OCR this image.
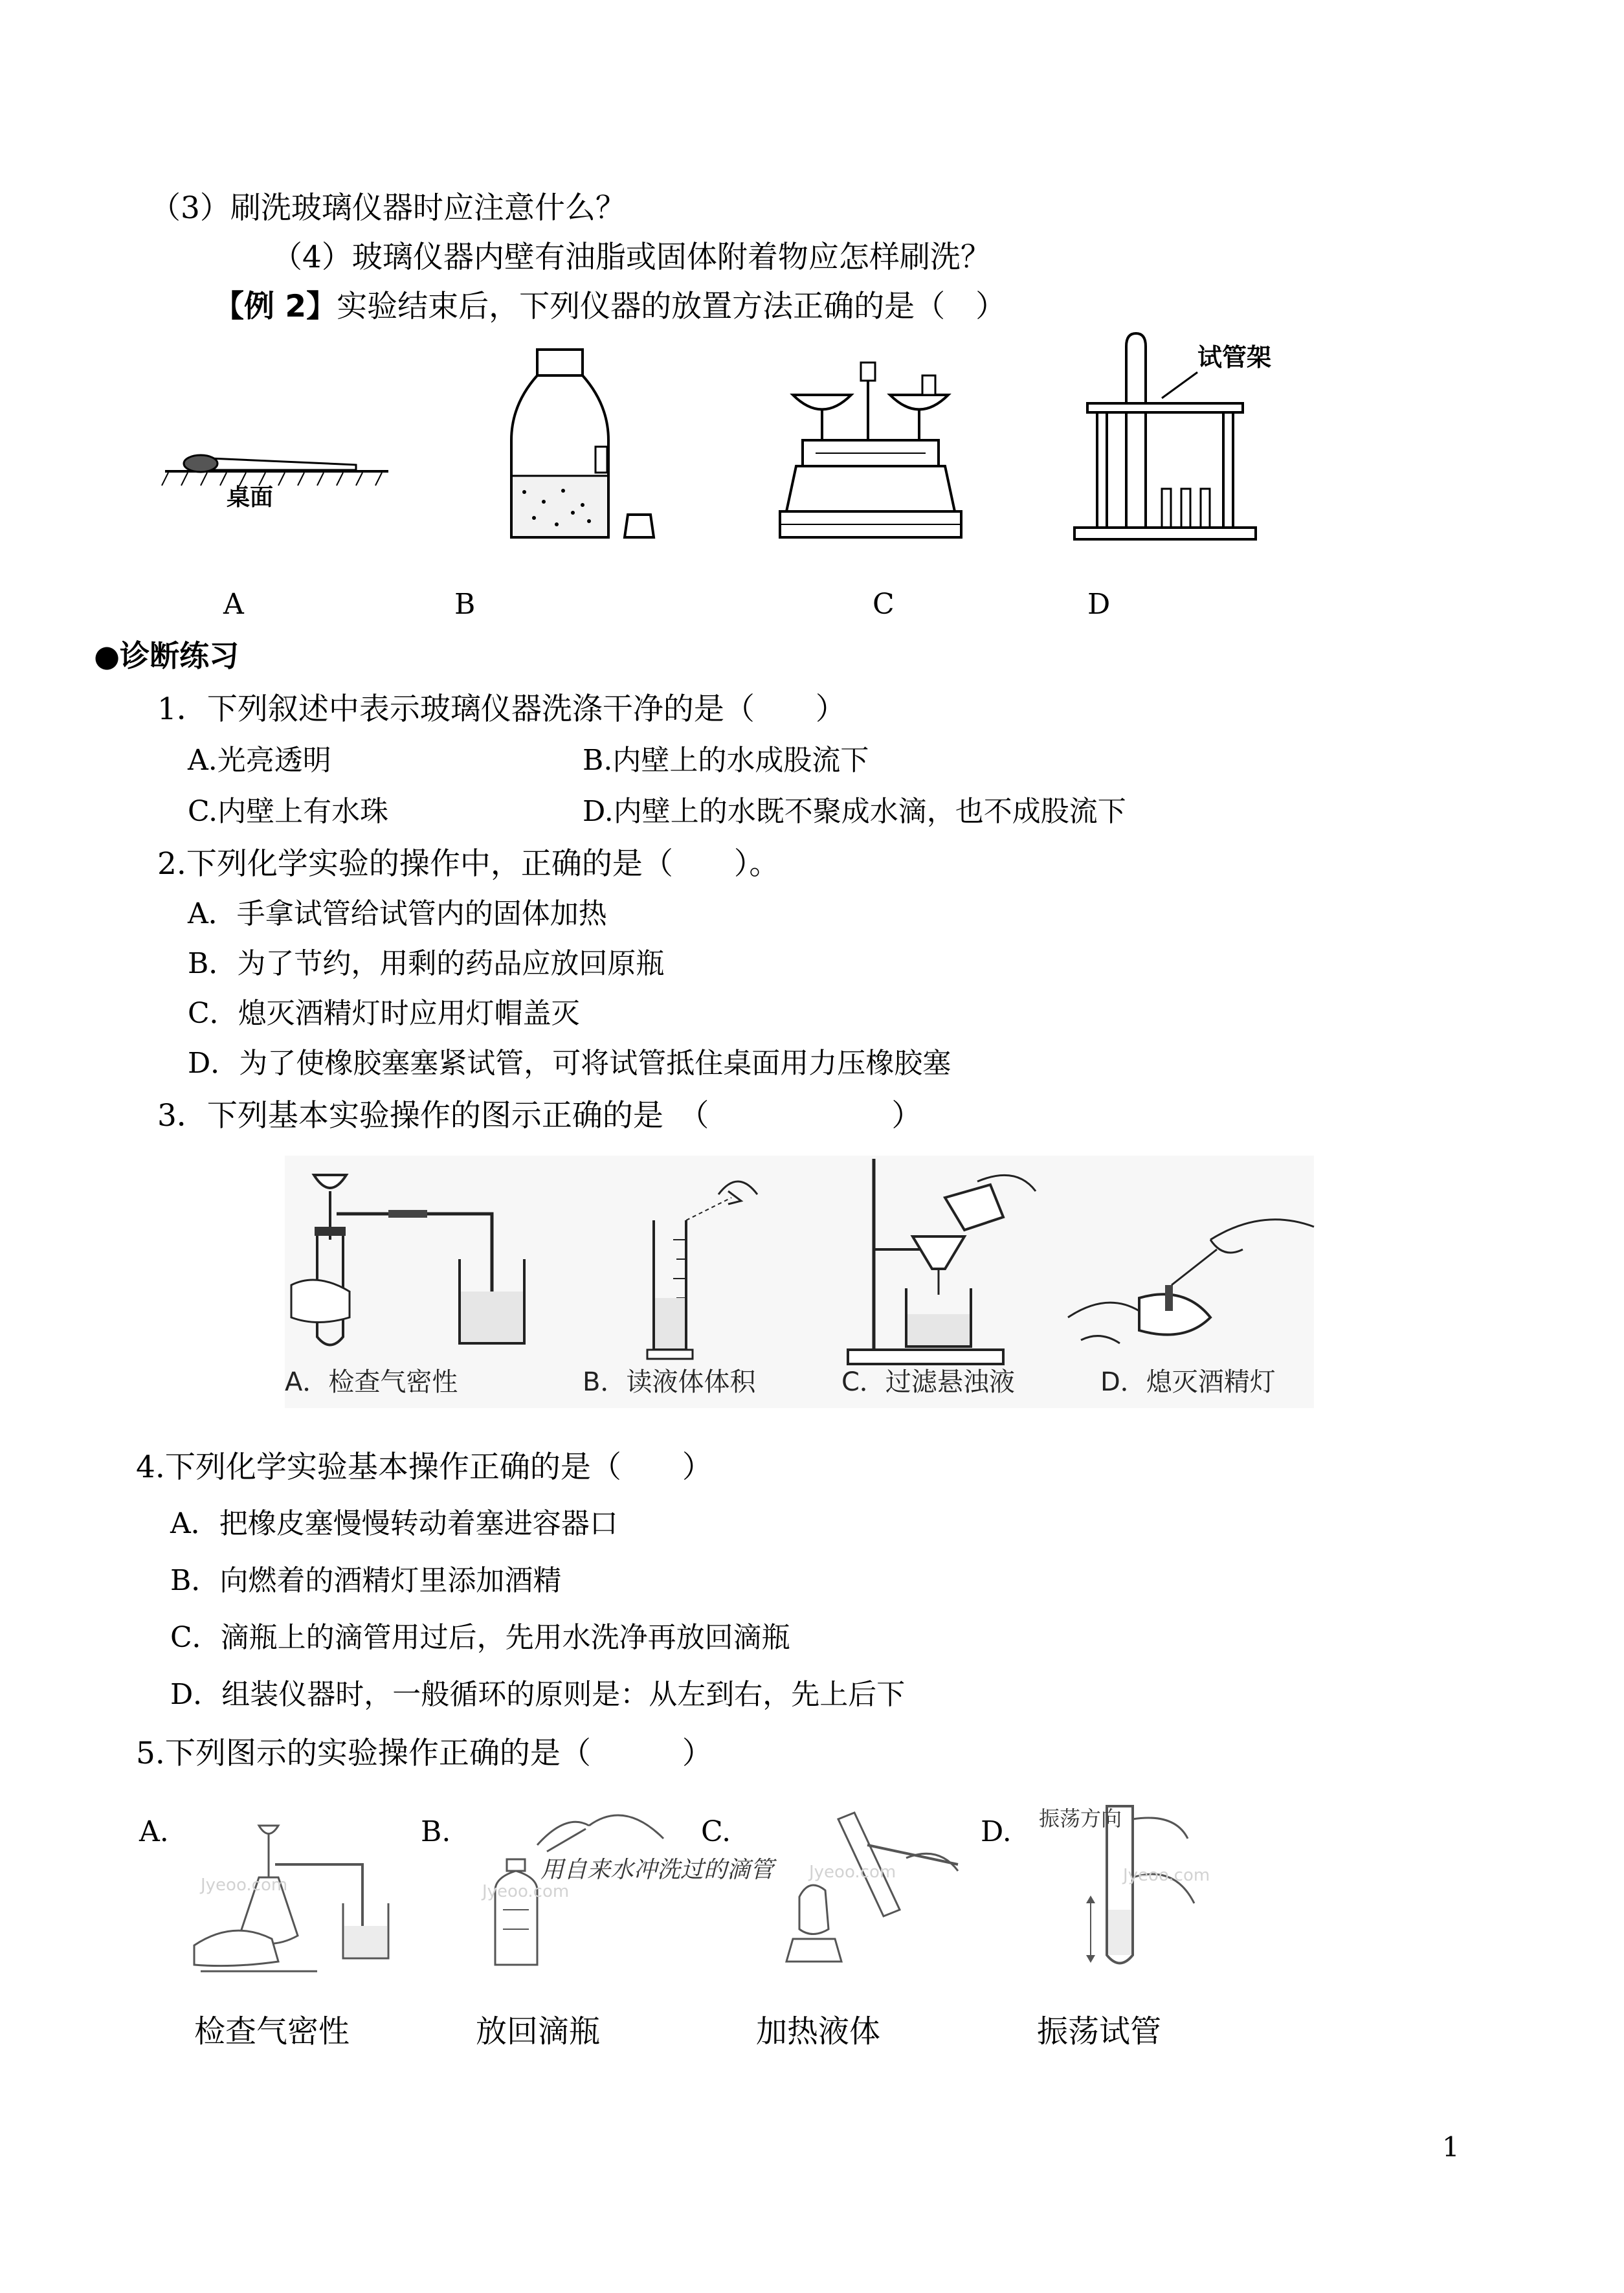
（3）刷洗玻璃仪器时应注意什么？
（4）玻璃仪器内壁有油脂或固体附着物应怎样刷洗？
【例 2】实验结束后，下列仪器的放置方法正确的是（　）
桌面
试管架
A	B	C	D
●诊断练习
1．下列叙述中表示玻璃仪器洗涤干净的是（　　）
A.光亮透明	B.内壁上的水成股流下
C.内壁上有水珠	D.内壁上的水既不聚成水滴，也不成股流下
2.下列化学实验的操作中，正确的是（　　）。
A．手拿试管给试管内的固体加热
B．为了节约，用剩的药品应放回原瓶
C．熄灭酒精灯时应用灯帽盖灭
D．为了使橡胶塞塞紧试管，可将试管抵住桌面用力压橡胶塞
3．下列基本实验操作的图示正确的是　（　　　　　　）
A．检查气密性	B．读液体体积	C．过滤悬浊液	D．熄灭酒精灯
4.下列化学实验基本操作正确的是（　　）
A．把橡皮塞慢慢转动着塞进容器口
B．向燃着的酒精灯里添加酒精
C．滴瓶上的滴管用过后，先用水洗净再放回滴瓶
D．组装仪器时，一般循环的原则是：从左到右，先上后下
5.下列图示的实验操作正确的是（　　　）
A.	B.	C.	D.
Jyeoo.com
用自来水冲洗过的滴管
Jyeoo.com
Jyeoo.com
振荡方向
Jyeoo.com
检查气密性	放回滴瓶	加热液体	振荡试管
1
